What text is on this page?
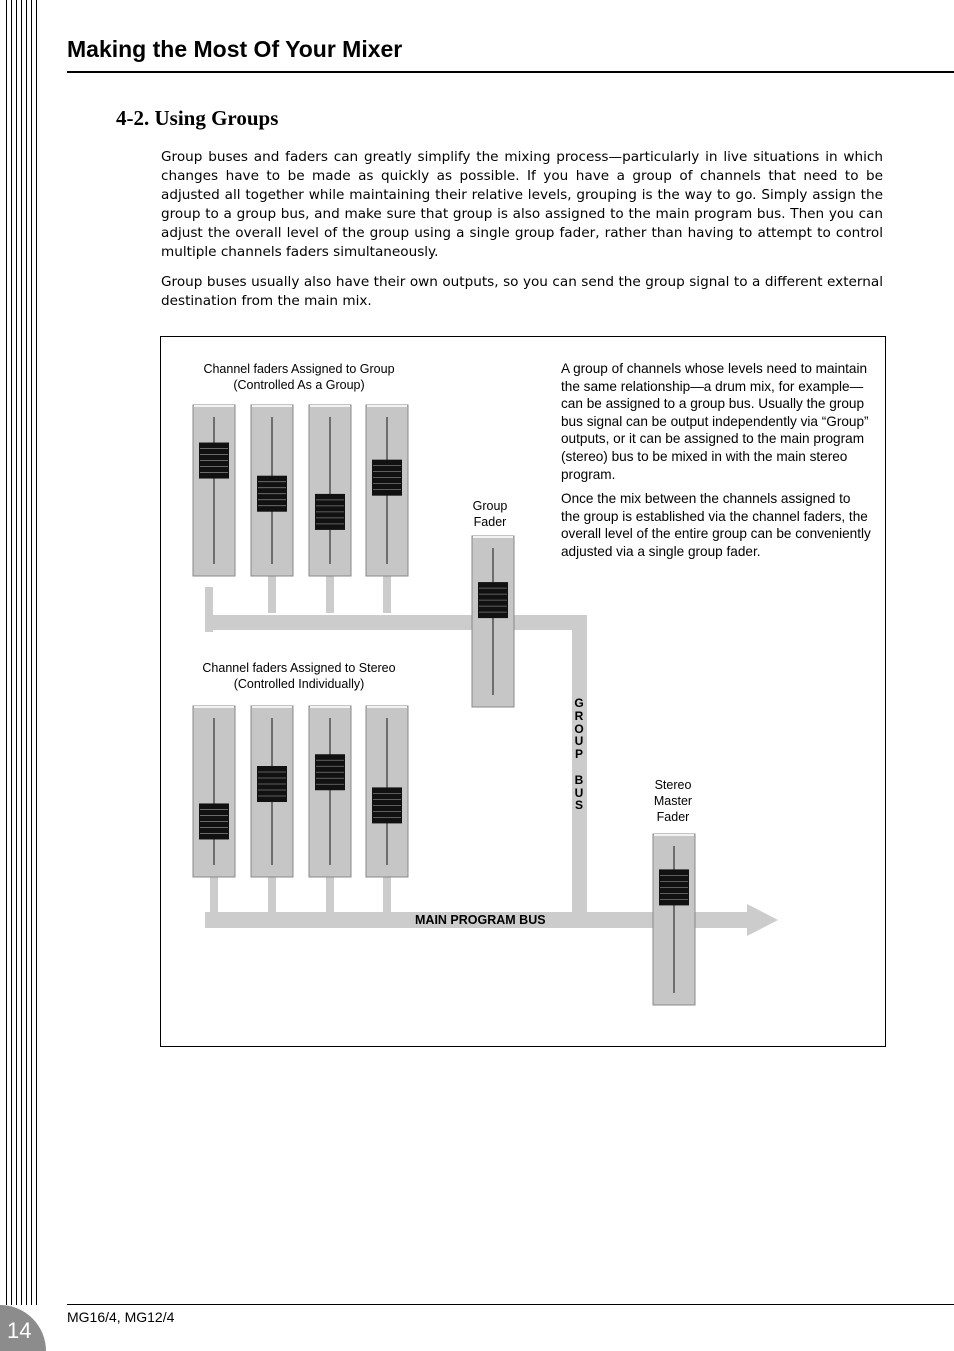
Making the Most Of Your Mixer
4-2. Using Groups

Group buses and faders can greatly simplify the mixing process—particularly in live situations in which changes have to be made as quickly as possible. If you have a group of channels that need to be adjusted all together while maintaining their relative levels, grouping is the way to go. Simply assign the group to a group bus, and make sure that group is also assigned to the main program bus. Then you can adjust the overall level of the group using a single group fader, rather than having to attempt to control multiple channels faders simultaneously.

Group buses usually also have their own outputs, so you can send the group signal to a different external destination from the main mix.

Channel faders Assigned to Group
(Controlled As a Group)
Channel faders Assigned to Stereo
(Controlled Individually)
Group
Fader
Stereo
Master
Fader
G
R
O
U
P

B
U
S
MAIN PROGRAM BUS

A group of channels whose levels need to maintain the same relationship—a drum mix, for example—can be assigned to a group bus. Usually the group bus signal can be output independently via “Group” outputs, or it can be assigned to the main program (stereo) bus to be mixed in with the main stereo program.

Once the mix between the channels assigned to the group is established via the channel faders, the overall level of the entire group can be conveniently adjusted via a single group fader.

MG16/4, MG12/4
14
